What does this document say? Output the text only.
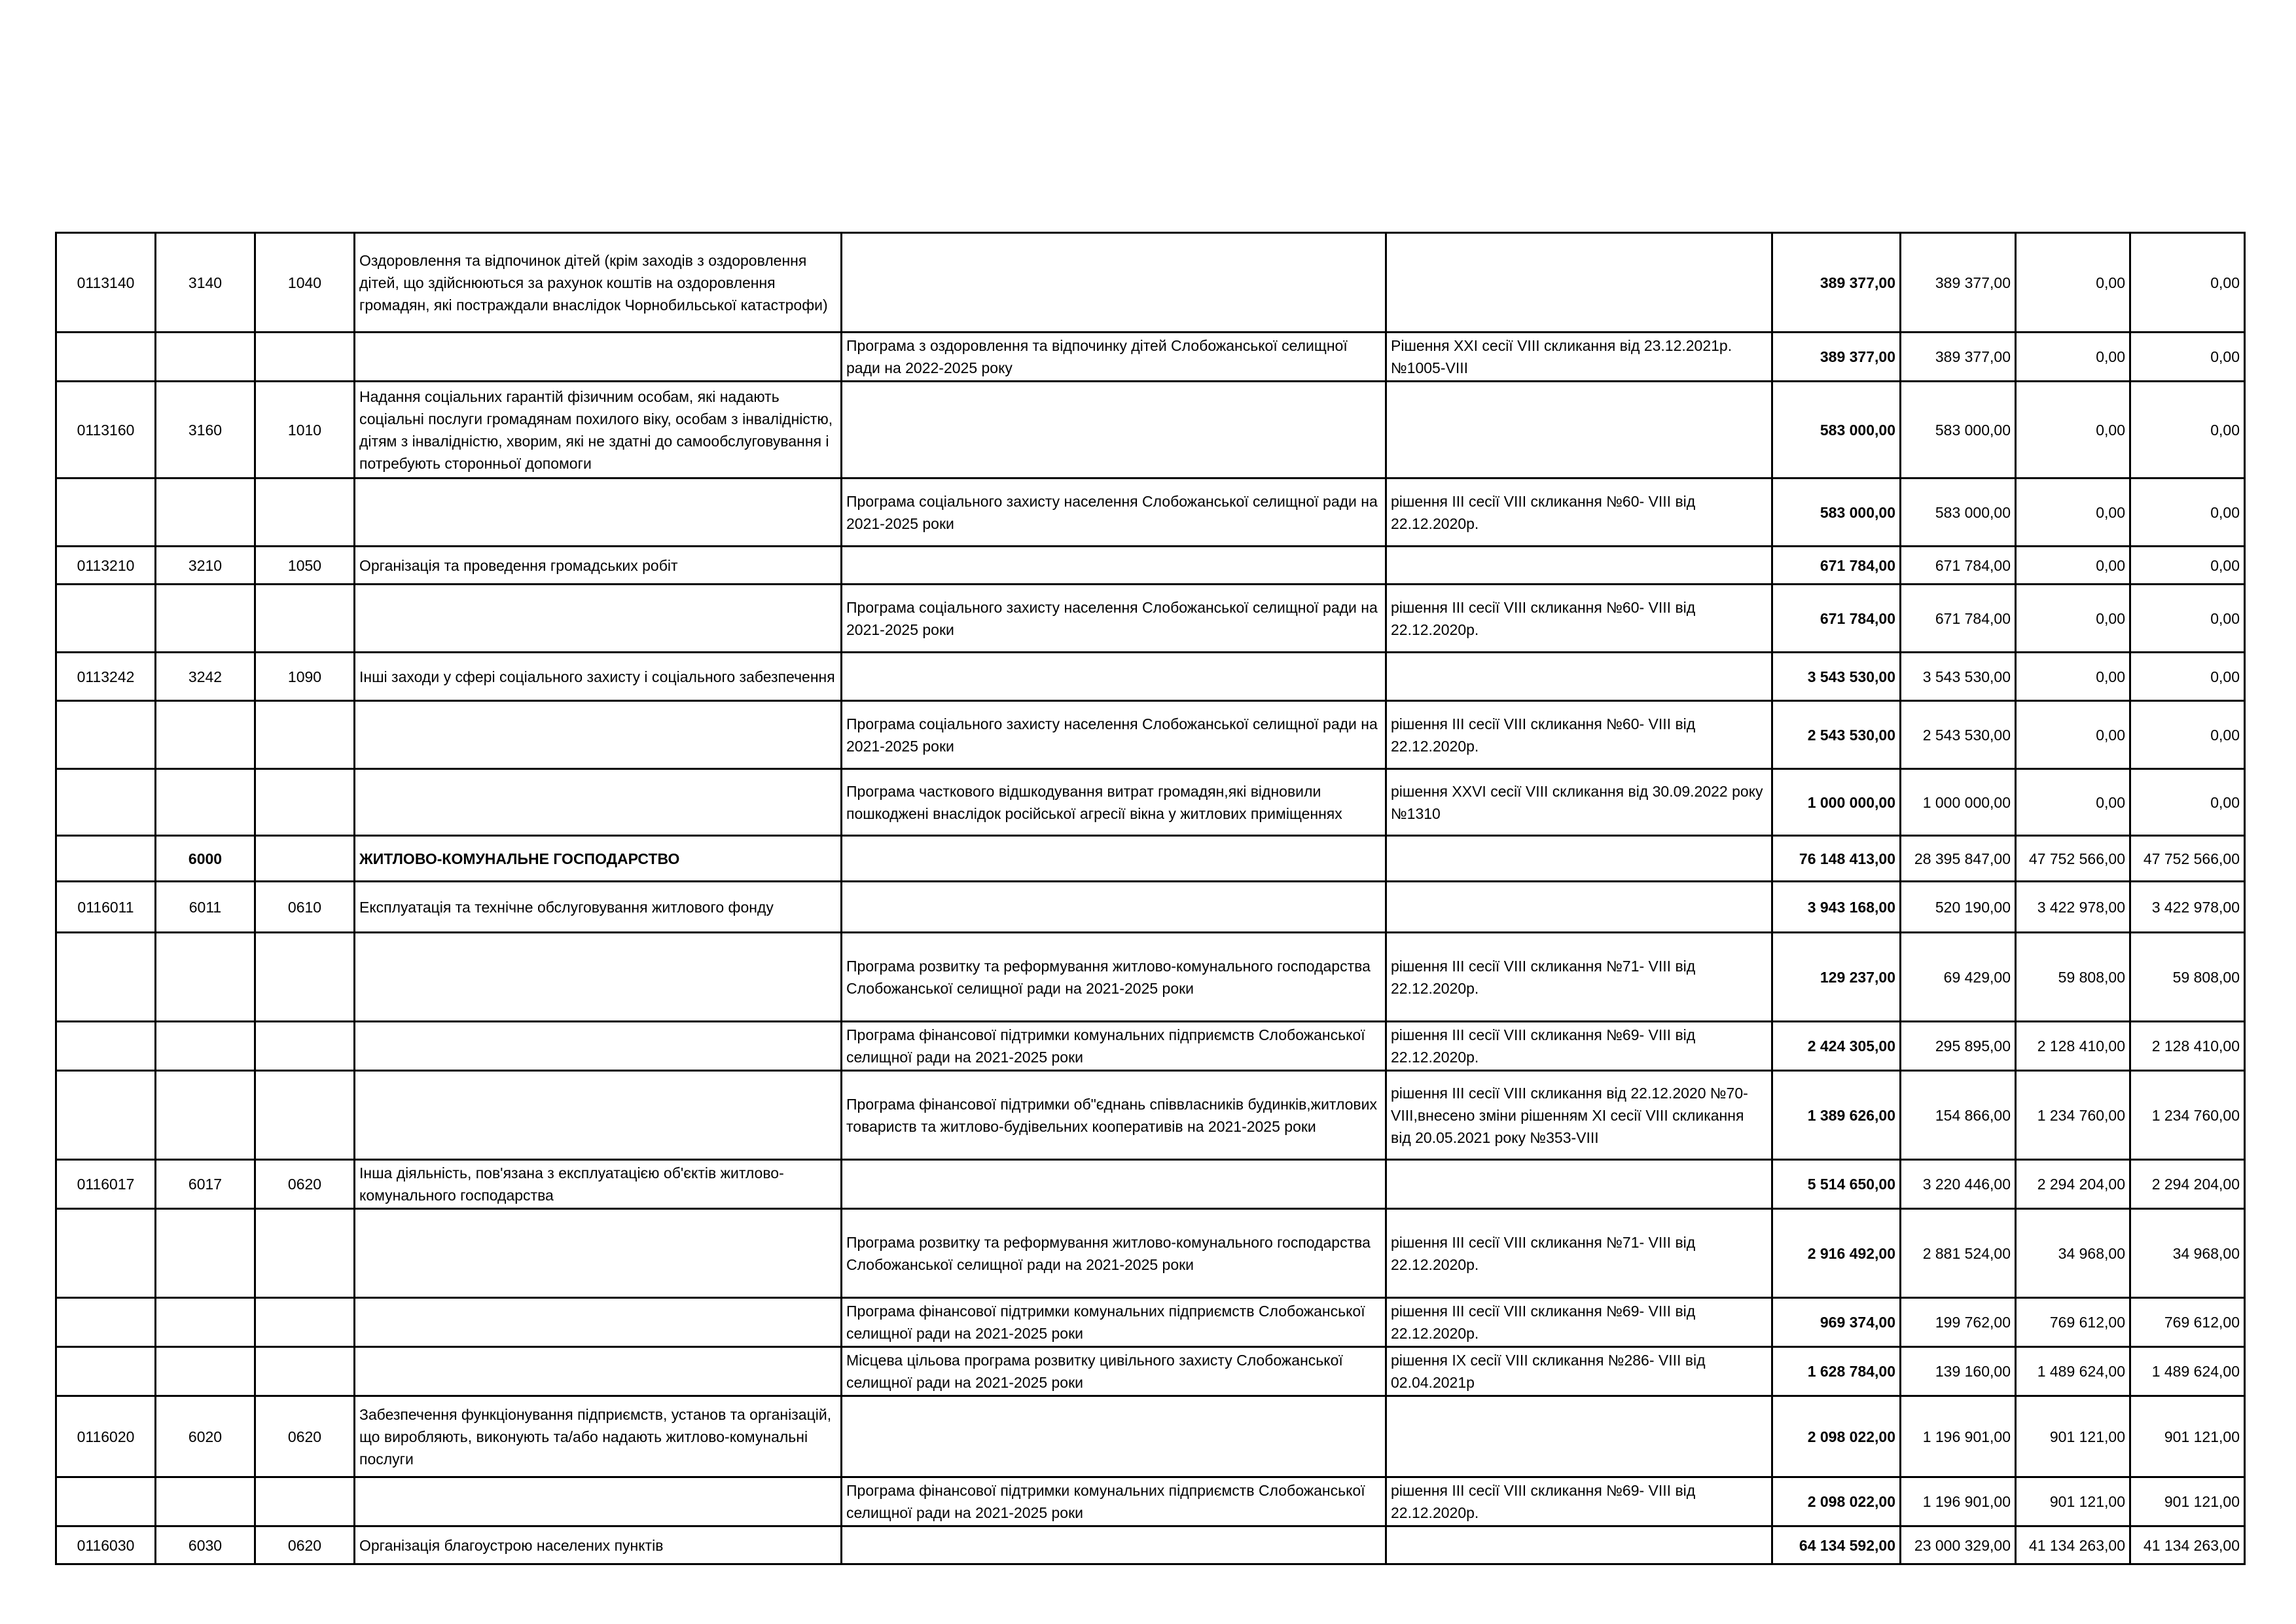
0113140	3140	1040	Оздоровлення та відпочинок дітей (крім заходів з оздоровлення дітей, що здійснюються за рахунок коштів на оздоровлення громадян, які постраждали внаслідок Чорнобильської катастрофи)			389 377,00	389 377,00	0,00	0,00
				Програма з оздоровлення та відпочинку дітей Слобожанської селищної ради на 2022-2025 року	Рішення XXI сесії VIII скликання від 23.12.2021р. №1005-VIII	389 377,00	389 377,00	0,00	0,00
0113160	3160	1010	Надання соціальних гарантій фізичним особам, які надають соціальні послуги громадянам похилого віку, особам з інвалідністю, дітям з інвалідністю, хворим, які не здатні до самообслуговування і потребують сторонньої допомоги			583 000,00	583 000,00	0,00	0,00
				Програма соціального захисту населення Слобожанської селищної ради на 2021-2025 роки	рішення ІІІ сесії VIII скликання №60- VIII від 22.12.2020р.	583 000,00	583 000,00	0,00	0,00
0113210	3210	1050	Організація та проведення громадських робіт			671 784,00	671 784,00	0,00	0,00
				Програма соціального захисту населення Слобожанської селищної ради на 2021-2025 роки	рішення ІІІ сесії VIII скликання №60- VIII від 22.12.2020р.	671 784,00	671 784,00	0,00	0,00
0113242	3242	1090	Інші заходи у сфері соціального захисту і соціального забезпечення			3 543 530,00	3 543 530,00	0,00	0,00
				Програма соціального захисту населення Слобожанської селищної ради на 2021-2025 роки	рішення ІІІ сесії VIII скликання №60- VIII від 22.12.2020р.	2 543 530,00	2 543 530,00	0,00	0,00
				Програма часткового відшкодування витрат громадян,які відновили пошкоджені внаслідок російської агресії вікна у житлових приміщеннях	рішення XXVI сесії VIII скликання від 30.09.2022 року №1310	1 000 000,00	1 000 000,00	0,00	0,00
	6000		ЖИТЛОВО-КОМУНАЛЬНЕ ГОСПОДАРСТВО			76 148 413,00	28 395 847,00	47 752 566,00	47 752 566,00
0116011	6011	0610	Експлуатація та технічне обслуговування житлового фонду			3 943 168,00	520 190,00	3 422 978,00	3 422 978,00
				Програма розвитку та реформування житлово-комунального господарства Слобожанської селищної ради на 2021-2025 роки	рішення ІІІ сесії VIII скликання №71- VIII від 22.12.2020р.	129 237,00	69 429,00	59 808,00	59 808,00
				Програма фінансової підтримки комунальних підприємств Слобожанської селищної ради на 2021-2025 роки	рішення ІІІ сесії VIII скликання №69- VIII від 22.12.2020р.	2 424 305,00	295 895,00	2 128 410,00	2 128 410,00
				Програма фінансової підтримки об"єднань співвласників будинків,житлових товариств та житлово-будівельних кооперативів на 2021-2025 роки	рішення ІІІ сесії VIII скликання від 22.12.2020 №70-VIII,внесено зміни рішенням ХІ сесії VIII скликання від 20.05.2021 року №353-VIII	1 389 626,00	154 866,00	1 234 760,00	1 234 760,00
0116017	6017	0620	Інша діяльність, пов'язана з експлуатацією об'єктів житлово-комунального господарства			5 514 650,00	3 220 446,00	2 294 204,00	2 294 204,00
				Програма розвитку та реформування житлово-комунального господарства Слобожанської селищної ради на 2021-2025 роки	рішення ІІІ сесії VIII скликання №71- VIII від 22.12.2020р.	2 916 492,00	2 881 524,00	34 968,00	34 968,00
				Програма фінансової підтримки комунальних підприємств Слобожанської селищної ради на 2021-2025 роки	рішення ІІІ сесії VIII скликання №69- VIII від 22.12.2020р.	969 374,00	199 762,00	769 612,00	769 612,00
				Місцева цільова програма розвитку цивільного захисту Слобожанської селищної ради на 2021-2025 роки	рішення ІХ сесії VIII скликання №286- VIII від 02.04.2021р	1 628 784,00	139 160,00	1 489 624,00	1 489 624,00
0116020	6020	0620	Забезпечення функціонування підприємств, установ та організацій, що виробляють, виконують та/або надають житлово-комунальні послуги			2 098 022,00	1 196 901,00	901 121,00	901 121,00
				Програма фінансової підтримки комунальних підприємств Слобожанської селищної ради на 2021-2025 роки	рішення ІІІ сесії VIII скликання №69- VIII від 22.12.2020р.	2 098 022,00	1 196 901,00	901 121,00	901 121,00
0116030	6030	0620	Організація благоустрою населених пунктів			64 134 592,00	23 000 329,00	41 134 263,00	41 134 263,00
